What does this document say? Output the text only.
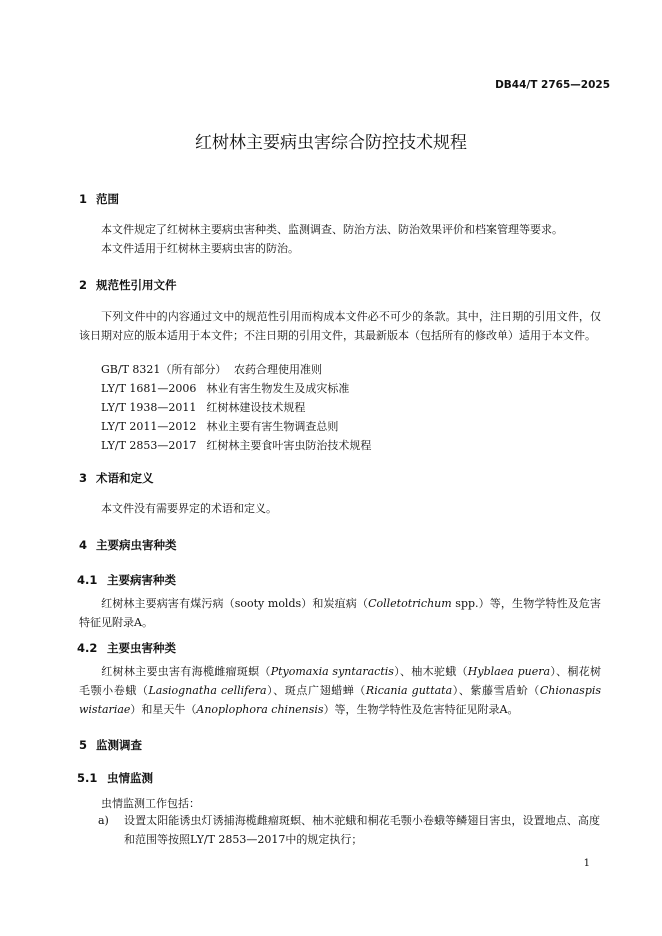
DB44/T 2765—2025
红树林主要病虫害综合防控技术规程
1 范围
本文件规定了红树林主要病虫害种类、监测调查、防治方法、防治效果评价和档案管理等要求。
本文件适用于红树林主要病虫害的防治。
2 规范性引用文件
下列文件中的内容通过文中的规范性引用而构成本文件必不可少的条款。其中，注日期的引用文件，仅该日期对应的版本适用于本文件；不注日期的引用文件，其最新版本（包括所有的修改单）适用于本文件。
GB/T 8321（所有部分） 农药合理使用准则
LY/T 1681—2006 林业有害生物发生及成灾标准
LY/T 1938—2011 红树林建设技术规程
LY/T 2011—2012 林业主要有害生物调查总则
LY/T 2853—2017 红树林主要食叶害虫防治技术规程
3 术语和定义
本文件没有需要界定的术语和定义。
4 主要病虫害种类
4.1 主要病害种类
红树林主要病害有煤污病（sooty molds）和炭疽病（Colletotrichum spp.）等，生物学特性及危害特征见附录A。
4.2 主要虫害种类
红树林主要虫害有海榄雌瘤斑螟（Ptyomaxia syntaractis）、柚木驼蛾（Hyblaea puera）、桐花树毛颚小卷蛾（Lasiognatha cellifera）、斑点广翅蜡蝉（Ricania guttata）、紫藤雪盾蚧（Chionaspis wistariae）和星天牛（Anoplophora chinensis）等，生物学特性及危害特征见附录A。
5 监测调查
5.1 虫情监测
虫情监测工作包括：
a)	设置太阳能诱虫灯诱捕海榄雌瘤斑螟、柚木驼蛾和桐花毛颚小卷蛾等鳞翅目害虫，设置地点、高度和范围等按照LY/T 2853—2017中的规定执行；
1
